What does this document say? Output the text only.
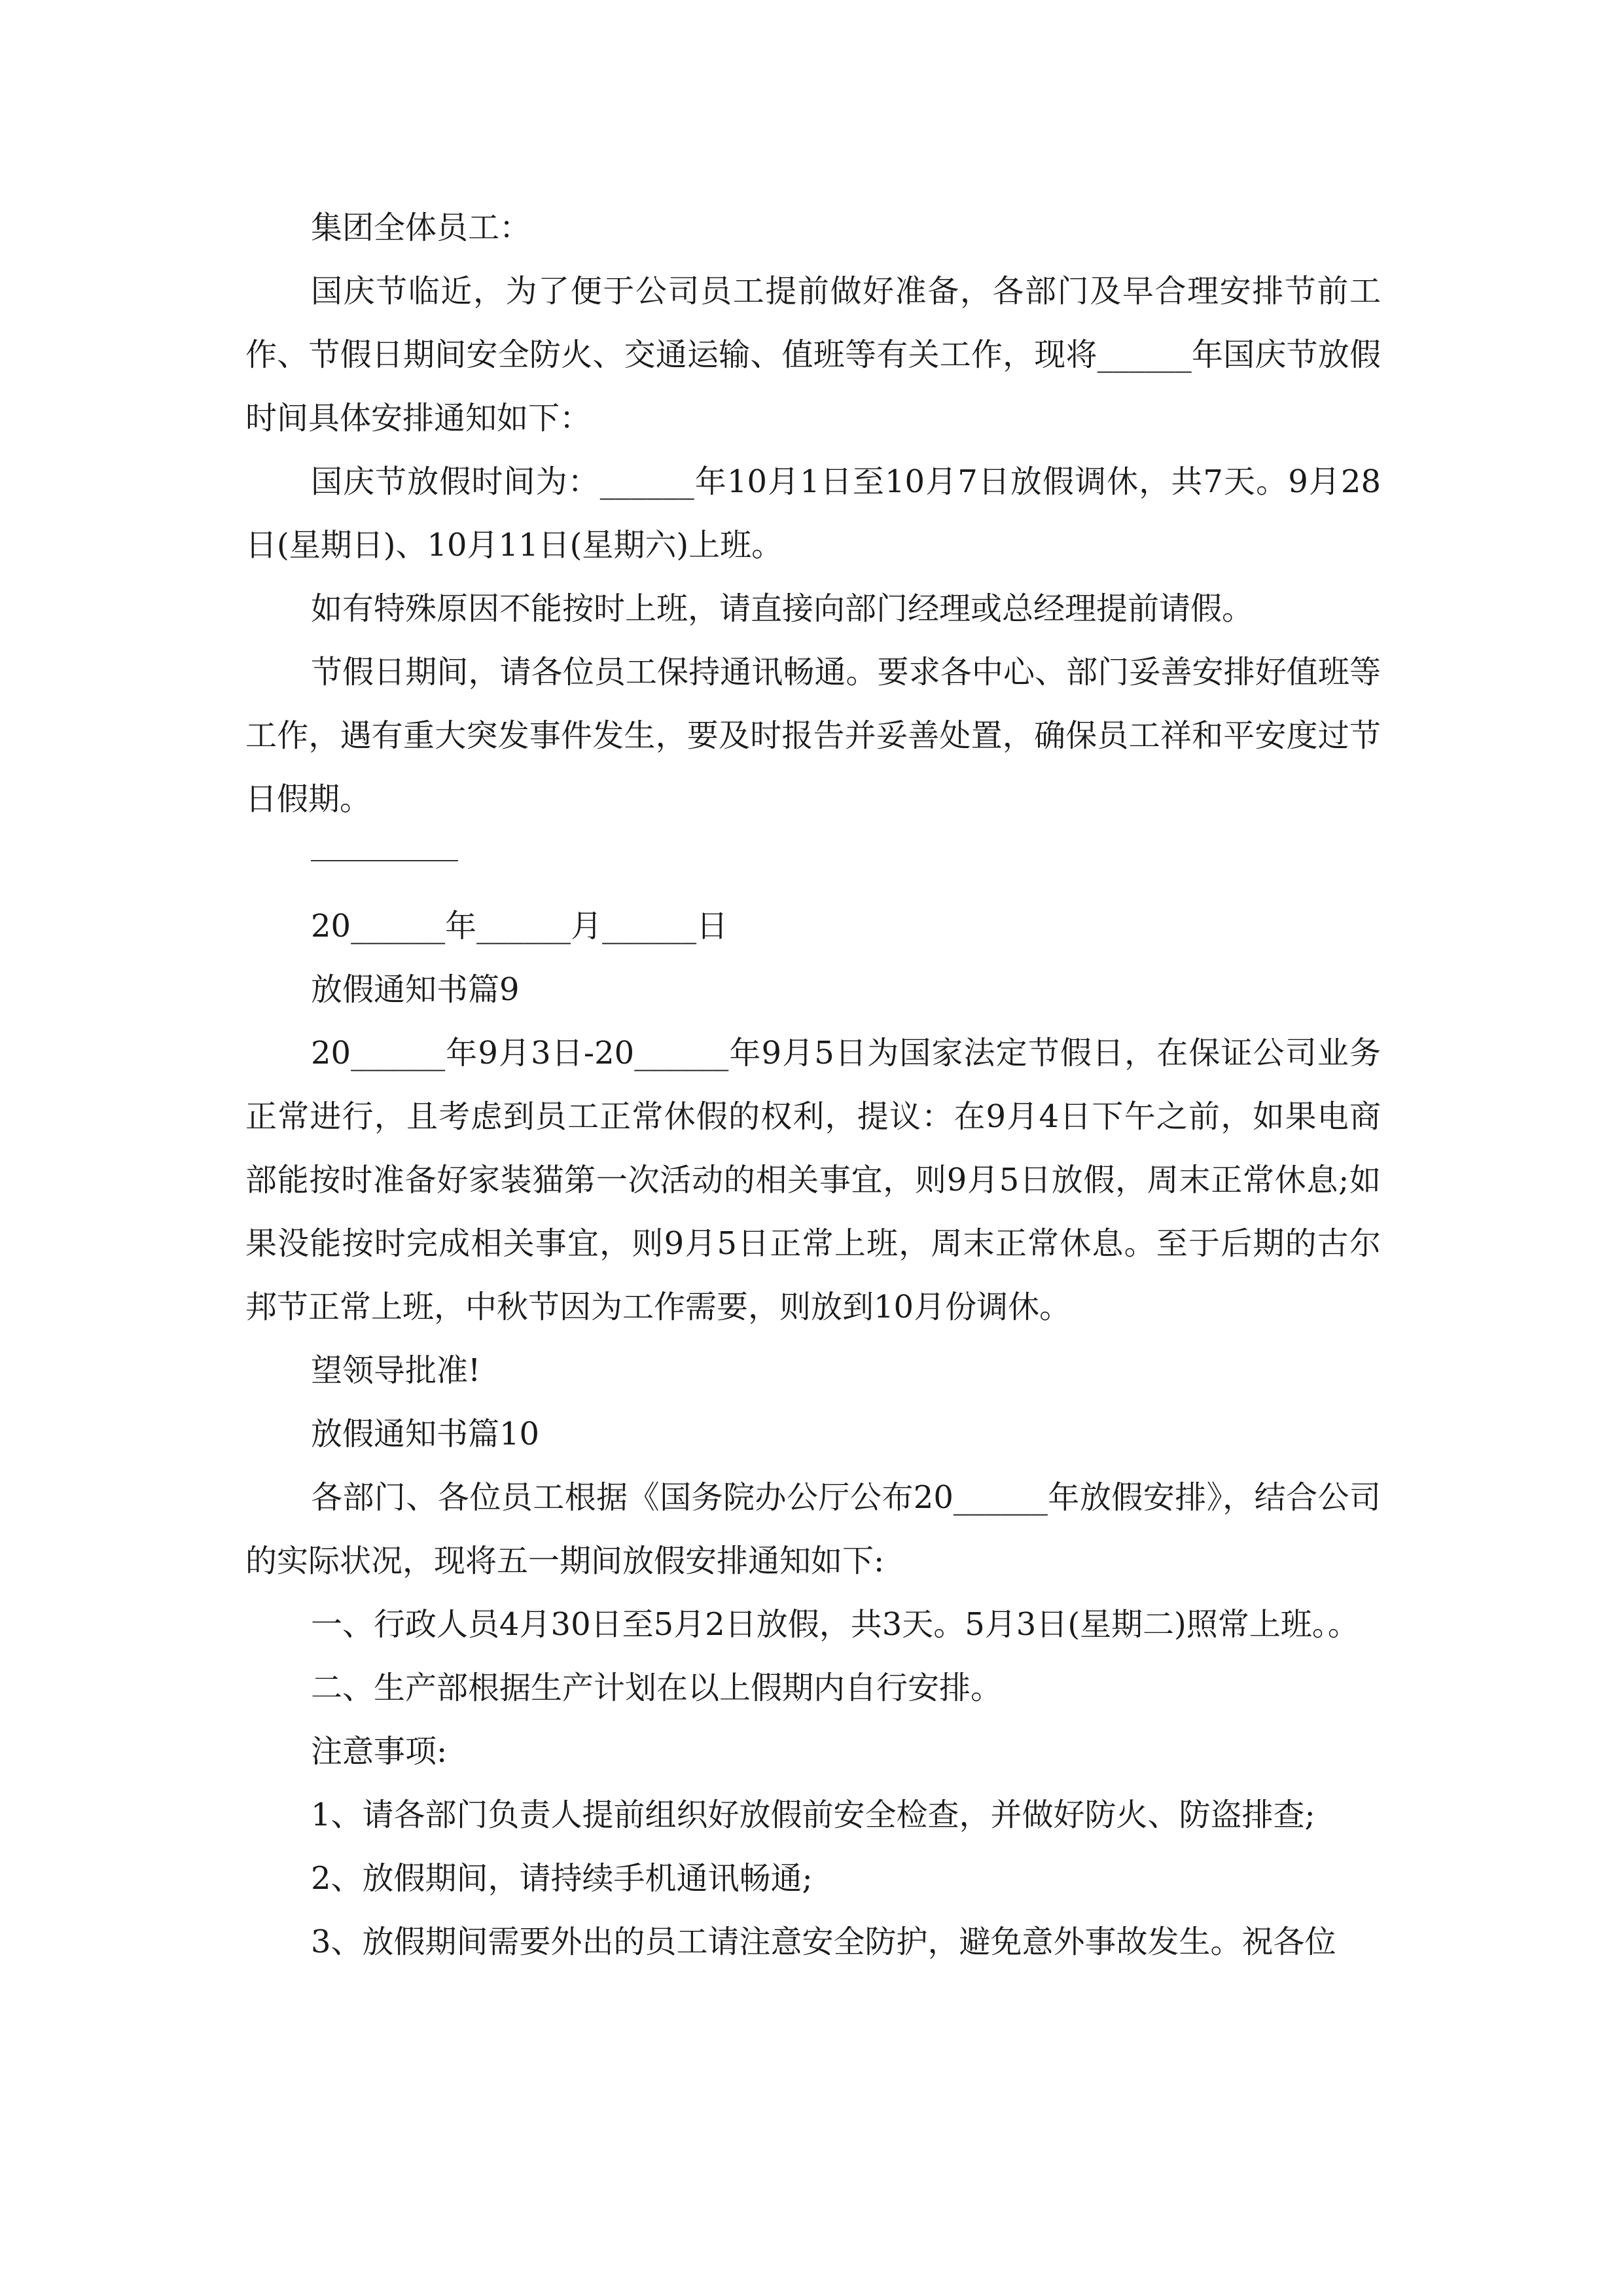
集团全体员工：

国庆节临近，为了便于公司员工提前做好准备，各部门及早合理安排节前工作、节假日期间安全防火、交通运输、值班等有关工作，现将______年国庆节放假时间具体安排通知如下：

国庆节放假时间为：______年10月1日至10月7日放假调休，共7天。9月28日(星期日)、10月11日(星期六)上班。

如有特殊原因不能按时上班，请直接向部门经理或总经理提前请假。

节假日期间，请各位员工保持通讯畅通。要求各中心、部门妥善安排好值班等工作，遇有重大突发事件发生，要及时报告并妥善处置，确保员工祥和平安度过节日假期。

20______年______月______日

放假通知书篇9

20______年9月3日-20______年9月5日为国家法定节假日，在保证公司业务正常进行，且考虑到员工正常休假的权利，提议：在9月4日下午之前，如果电商部能按时准备好家装猫第一次活动的相关事宜，则9月5日放假，周末正常休息;如果没能按时完成相关事宜，则9月5日正常上班，周末正常休息。至于后期的古尔邦节正常上班，中秋节因为工作需要，则放到10月份调休。

望领导批准!

放假通知书篇10

各部门、各位员工根据《国务院办公厅公布20______年放假安排》，结合公司的实际状况，现将五一期间放假安排通知如下:

一、行政人员4月30日至5月2日放假，共3天。5月3日(星期二)照常上班。。

二、生产部根据生产计划在以上假期内自行安排。

注意事项:

1、请各部门负责人提前组织好放假前安全检查，并做好防火、防盗排查;

2、放假期间，请持续手机通讯畅通;

3、放假期间需要外出的员工请注意安全防护，避免意外事故发生。祝各位
